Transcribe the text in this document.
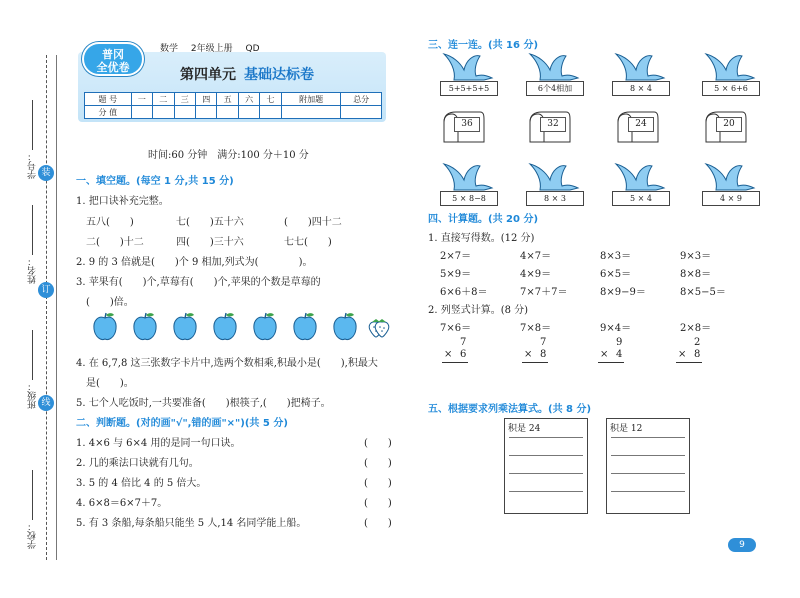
学号： 装
姓名：
订
班级： 线
学校：
普冈
全优卷
数学 2年级上册 QD
第四单元 基础达标卷
题 号	一	二	三	四	五	六	七	附加题	总分
分 值									
时间:60 分钟　满分:100 分＋10 分
一、填空题。(每空 1 分,共 15 分)
1. 把口诀补充完整。
五八(　　)	七(　　)五十六	(　　)四十二
二(　　)十二	四(　　)三十六	七七(　　)
2. 9 的 3 倍就是(　　)个 9 相加,列式为(　　　　)。
3. 苹果有(　　)个,草莓有(　　)个,苹果的个数是草莓的
(　　)倍。
4. 在 6,7,8 这三张数字卡片中,选两个数相乘,积最小是(　　),积最大
是(　　)。
5. 七个人吃饭时,一共要准备(　　)根筷子,(　　)把椅子。
二、判断题。(对的画"√",错的画"×")(共 5 分)
1. 4×6 与 6×4 用的是同一句口诀。	(　　)
2. 几的乘法口诀就有几句。	(　　)
3. 5 的 4 倍比 4 的 5 倍大。	(　　)
4. 6×8＝6×7＋7。	(　　)
5. 有 3 条船,每条船只能坐 5 人,14 名同学能上船。	(　　)
三、连一连。(共 16 分)
5+5+5+5	6个4相加	8 × 4	5 × 6+6
36	32	24	20
5 × 8−8	8 × 3	5 × 4	4 × 9
四、计算题。(共 20 分)
1. 直接写得数。(12 分)
2×7＝	4×7＝	8×3＝	9×3＝
5×9＝	4×9＝	6×5＝	8×8＝
6×6＋8＝	7×7＋7＝	8×9−9＝	8×5−5＝
2. 列竖式计算。(8 分)
7×6＝
7
× 6
7×8＝
7
× 8
9×4＝
9
× 4
2×8＝
2
× 8
五、根据要求列乘法算式。(共 8 分)
积是 24	积是 12
9
